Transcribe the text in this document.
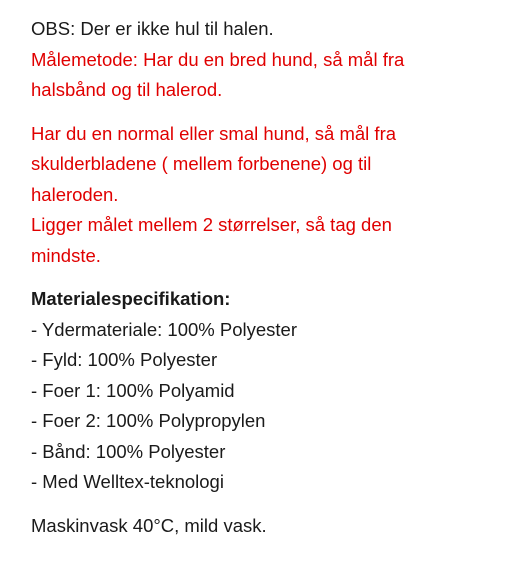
OBS: Der er ikke hul til halen.
Målemetode: Har du en bred hund, så mål fra
halsbånd og til halerod.
Har du en normal eller smal hund, så mål fra
skulderbladene ( mellem forbenene) og til
haleroden.
Ligger målet mellem 2 størrelser, så tag den
mindste.
Materialespecifikation:
- Ydermateriale: 100% Polyester
- Fyld: 100% Polyester
- Foer 1: 100% Polyamid
- Foer 2: 100% Polypropylen
- Bånd: 100% Polyester
- Med Welltex-teknologi
Maskinvask 40°C, mild vask.
